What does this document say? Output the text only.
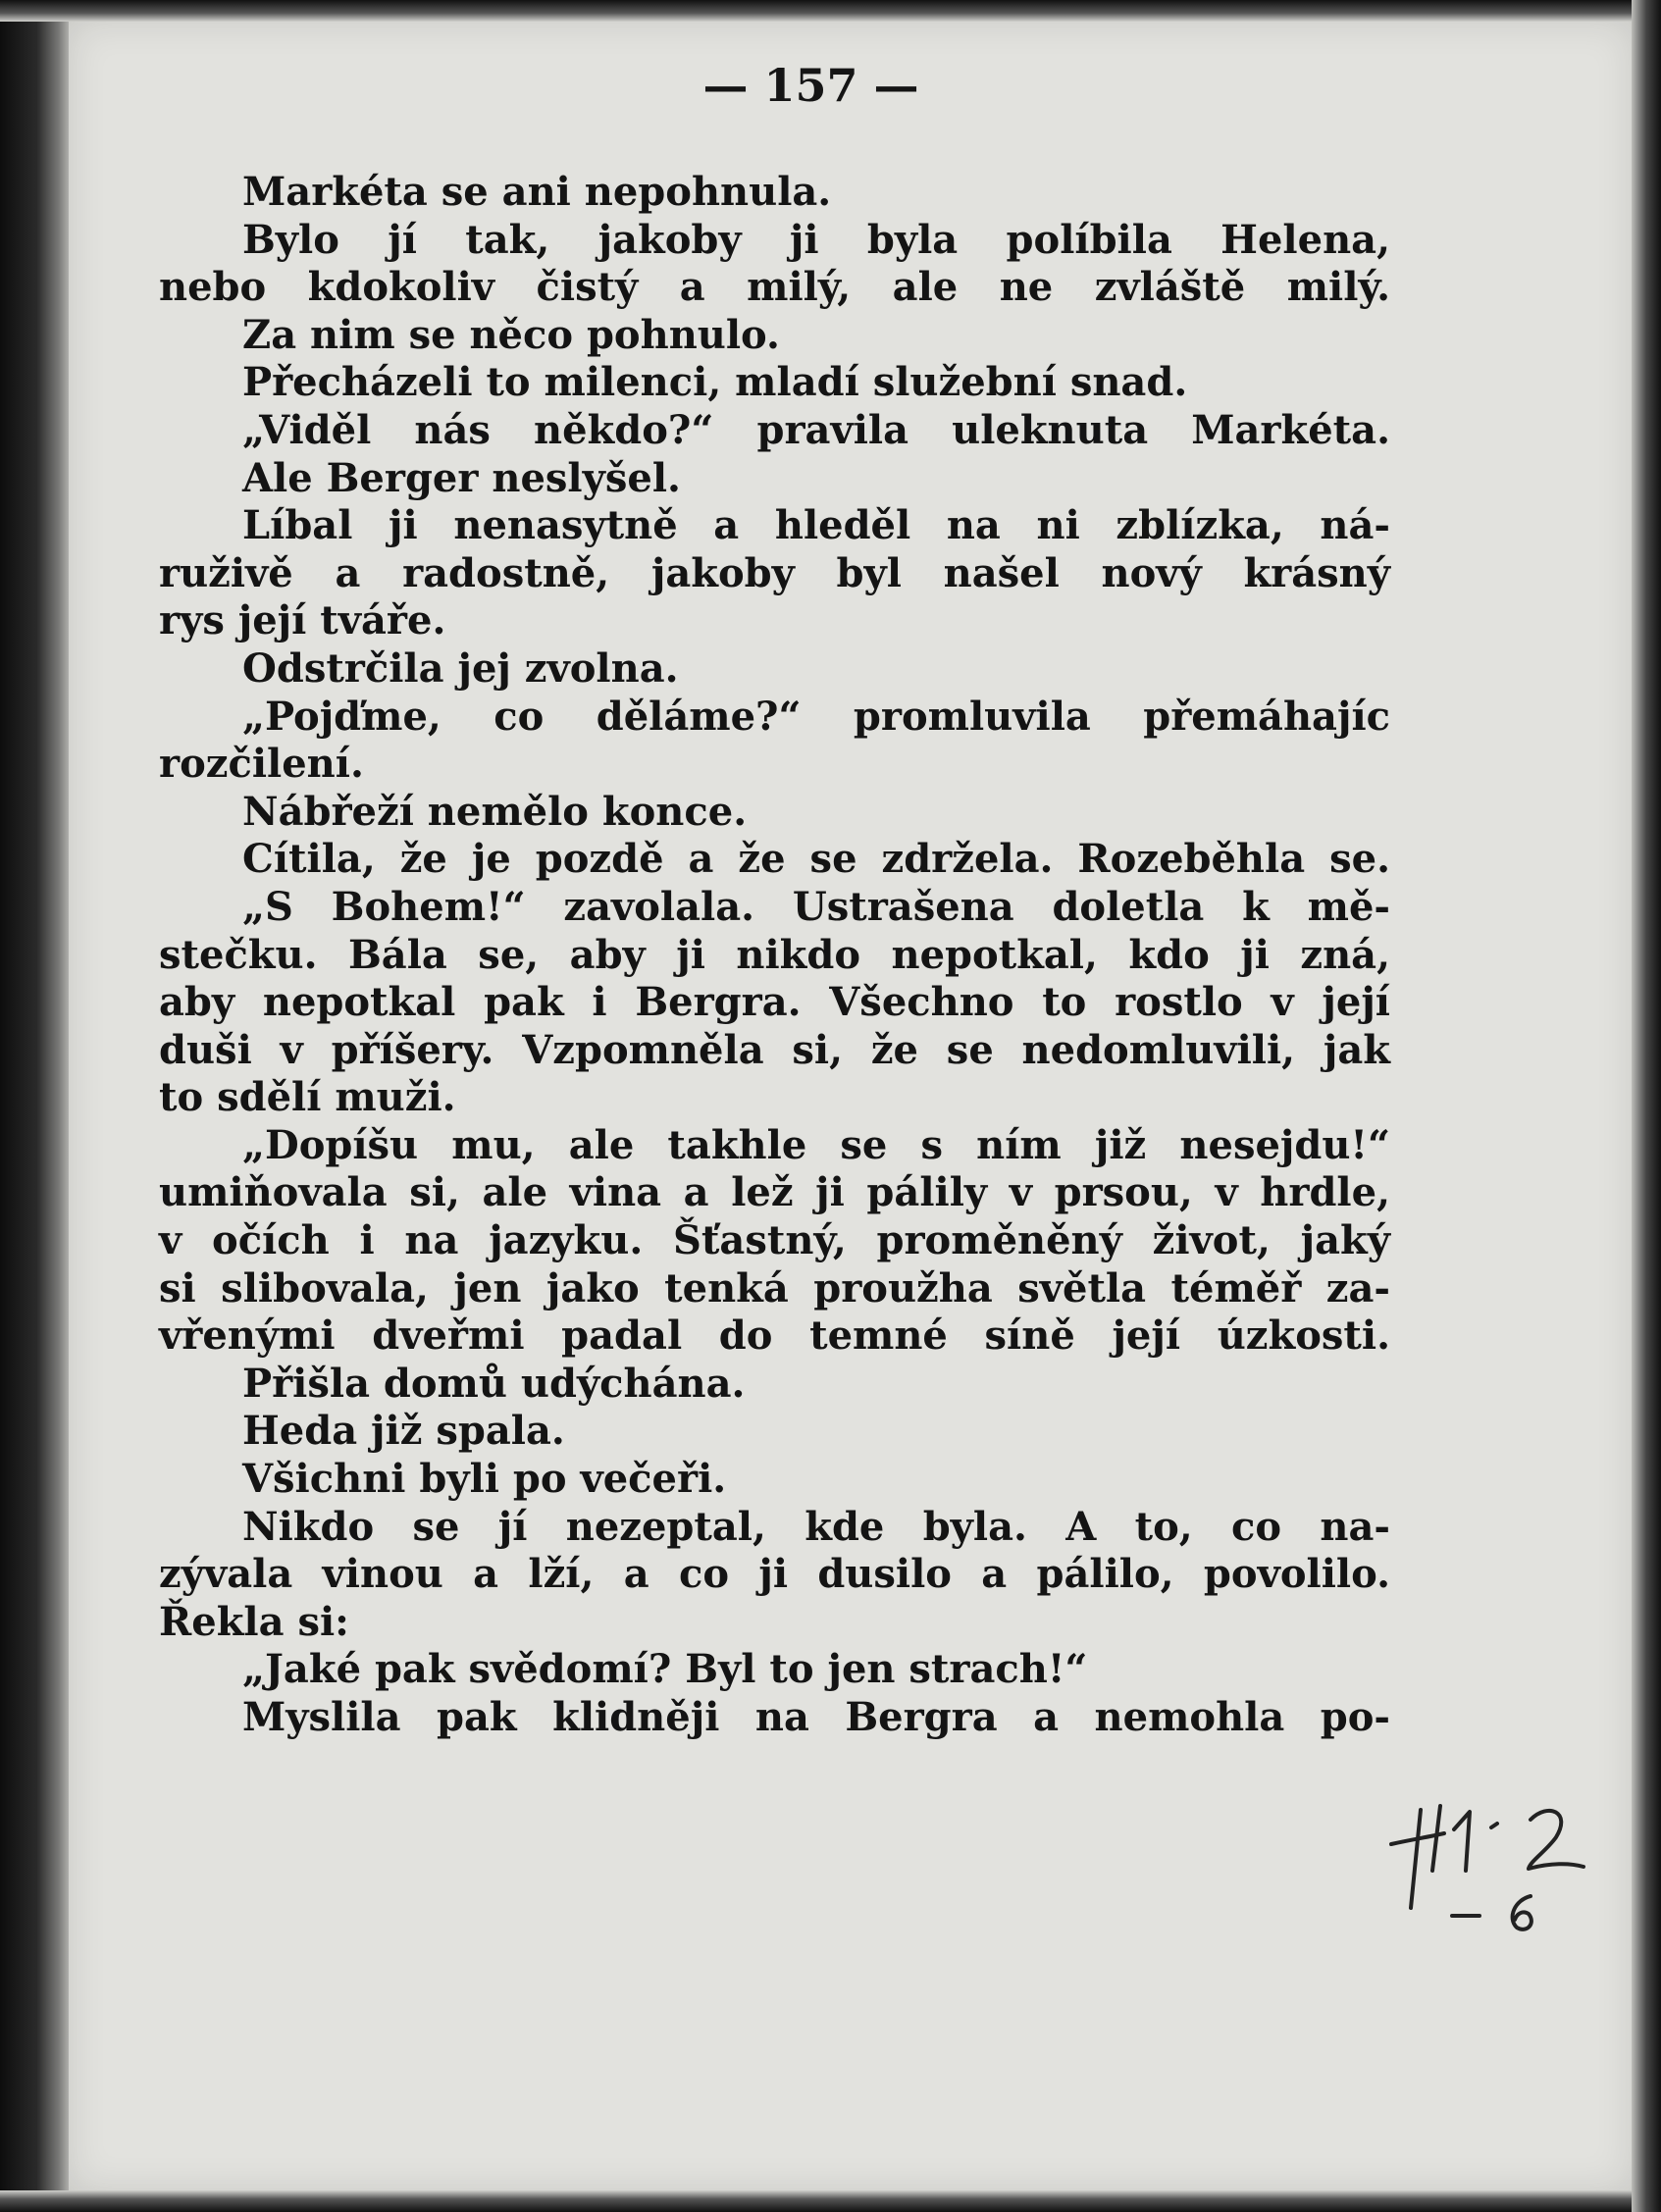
— 157 —
Markéta se ani nepohnula.
Bylo jí tak, jakoby ji byla políbila Helena,
nebo kdokoliv čistý a milý, ale ne zvláště milý.
Za nim se něco pohnulo.
Přecházeli to milenci, mladí služební snad.
„Viděl nás někdo?“ pravila uleknuta Markéta.
Ale Berger neslyšel.
Líbal ji nenasytně a hleděl na ni zblízka, ná-
ruživě a radostně, jakoby byl našel nový krásný
rys její tváře.
Odstrčila jej zvolna.
„Pojďme, co děláme?“ promluvila přemáhajíc
rozčilení.
Nábřeží nemělo konce.
Cítila, že je pozdě a že se zdržela. Rozeběhla se.
„S Bohem!“ zavolala. Ustrašena doletla k mě-
stečku. Bála se, aby ji nikdo nepotkal, kdo ji zná,
aby nepotkal pak i Bergra. Všechno to rostlo v její
duši v příšery. Vzpomněla si, že se nedomluvili, jak
to sdělí muži.
„Dopíšu mu, ale takhle se s ním již nesejdu!“
umiňovala si, ale vina a lež ji pálily v prsou, v hrdle,
v očích i na jazyku. Šťastný, proměněný život, jaký
si slibovala, jen jako tenká proužha světla téměř za-
vřenými dveřmi padal do temné síně její úzkosti.
Přišla domů udýchána.
Heda již spala.
Všichni byli po večeři.
Nikdo se jí nezeptal, kde byla. A to, co na-
zývala vinou a lží, a co ji dusilo a pálilo, povolilo.
Řekla si:
„Jaké pak svědomí? Byl to jen strach!“
Myslila pak klidněji na Bergra a nemohla po-
